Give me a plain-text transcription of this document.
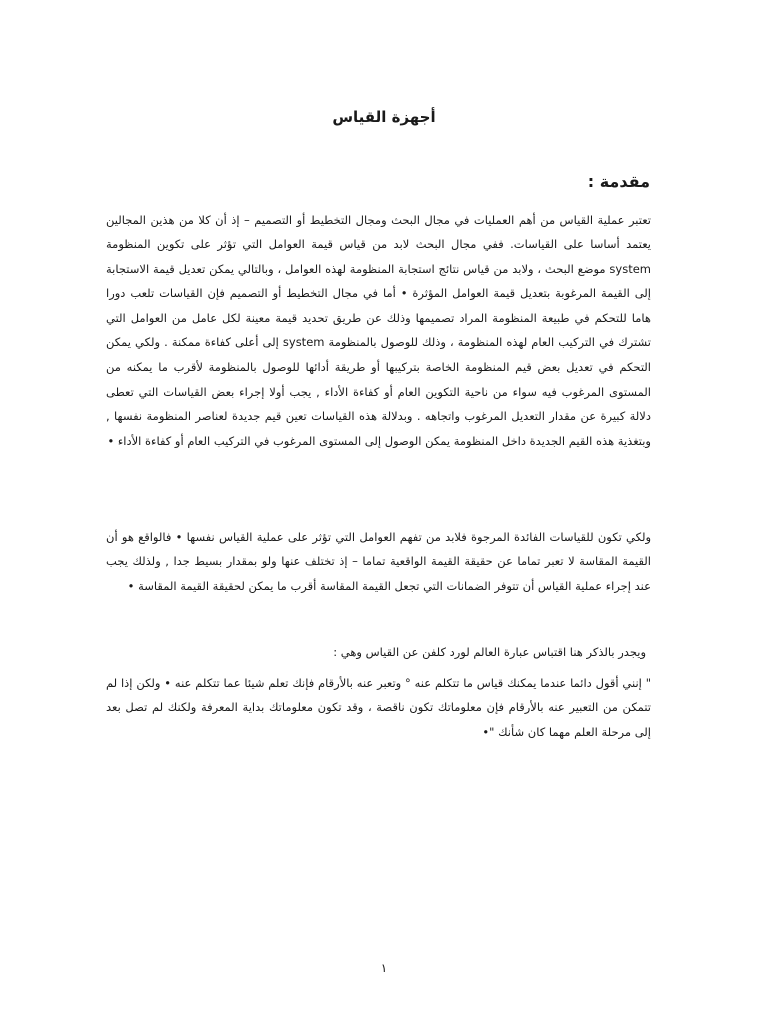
أجهزة القياس
مقدمة :

تعتبر عملية القياس من أهم العمليات في مجال البحث ومجال التخطيط أو التصميم – إذ أن كلا من هذين المجالين يعتمد أساسا على القياسات. ففي مجال البحث لابد من قياس قيمة العوامل التي تؤثر على تكوين المنظومة system موضع البحث ، ولابد من قياس نتائج استجابة المنظومة لهذه العوامل ، وبالتالي يمكن تعديل قيمة الاستجابة إلى القيمة المرغوبة بتعديل قيمة العوامل المؤثرة • أما في مجال التخطيط أو التصميم فإن القياسات تلعب دورا هاما للتحكم في طبيعة المنظومة المراد تصميمها وذلك عن طريق تحديد قيمة معينة لكل عامل من العوامل التي تشترك في التركيب العام لهذه المنظومة ، وذلك للوصول بالمنظومة system إلى أعلى كفاءة ممكنة . ولكي يمكن التحكم في تعديل بعض قيم المنظومة الخاصة بتركيبها أو طريقة أدائها للوصول بالمنظومة لأقرب ما يمكنه من المستوى المرغوب فيه سواء من ناحية التكوين العام أو كفاءة الأداء , يجب أولا إجراء بعض القياسات التي تعطى دلالة كبيرة عن مقدار التعديل المرغوب واتجاهه . وبدلالة هذه القياسات تعين قيم جديدة لعناصر المنظومة نفسها , وبتغذية هذه القيم الجديدة داخل المنظومة يمكن الوصول إلى المستوى المرغوب في التركيب العام أو كفاءة الأداء •

ولكي تكون للقياسات الفائدة المرجوة فلابد من تفهم العوامل التي تؤثر على عملية القياس نفسها • فالواقع هو أن القيمة المقاسة لا تعبر تماما عن حقيقة القيمة الواقعية تماما – إذ تختلف عنها ولو بمقدار بسيط جدا , ولذلك يجب عند إجراء عملية القياس أن تتوفر الضمانات التي تجعل القيمة المقاسة أقرب ما يمكن لحقيقة القيمة المقاسة •

ويجدر بالذكر هنا اقتباس عبارة العالم لورد كلفن عن القياس وهي :

" إنني أقول دائما عندما يمكنك قياس ما تتكلم عنه ° وتعبر عنه بالأرقام فإنك تعلم شيئا عما تتكلم عنه • ولكن إذا لم تتمكن من التعبير عنه بالأرقام فإن معلوماتك تكون ناقصة ، وقد تكون معلوماتك بداية المعرفة ولكنك لم تصل بعد إلى مرحلة العلم مهما كان شأنك "•

١
